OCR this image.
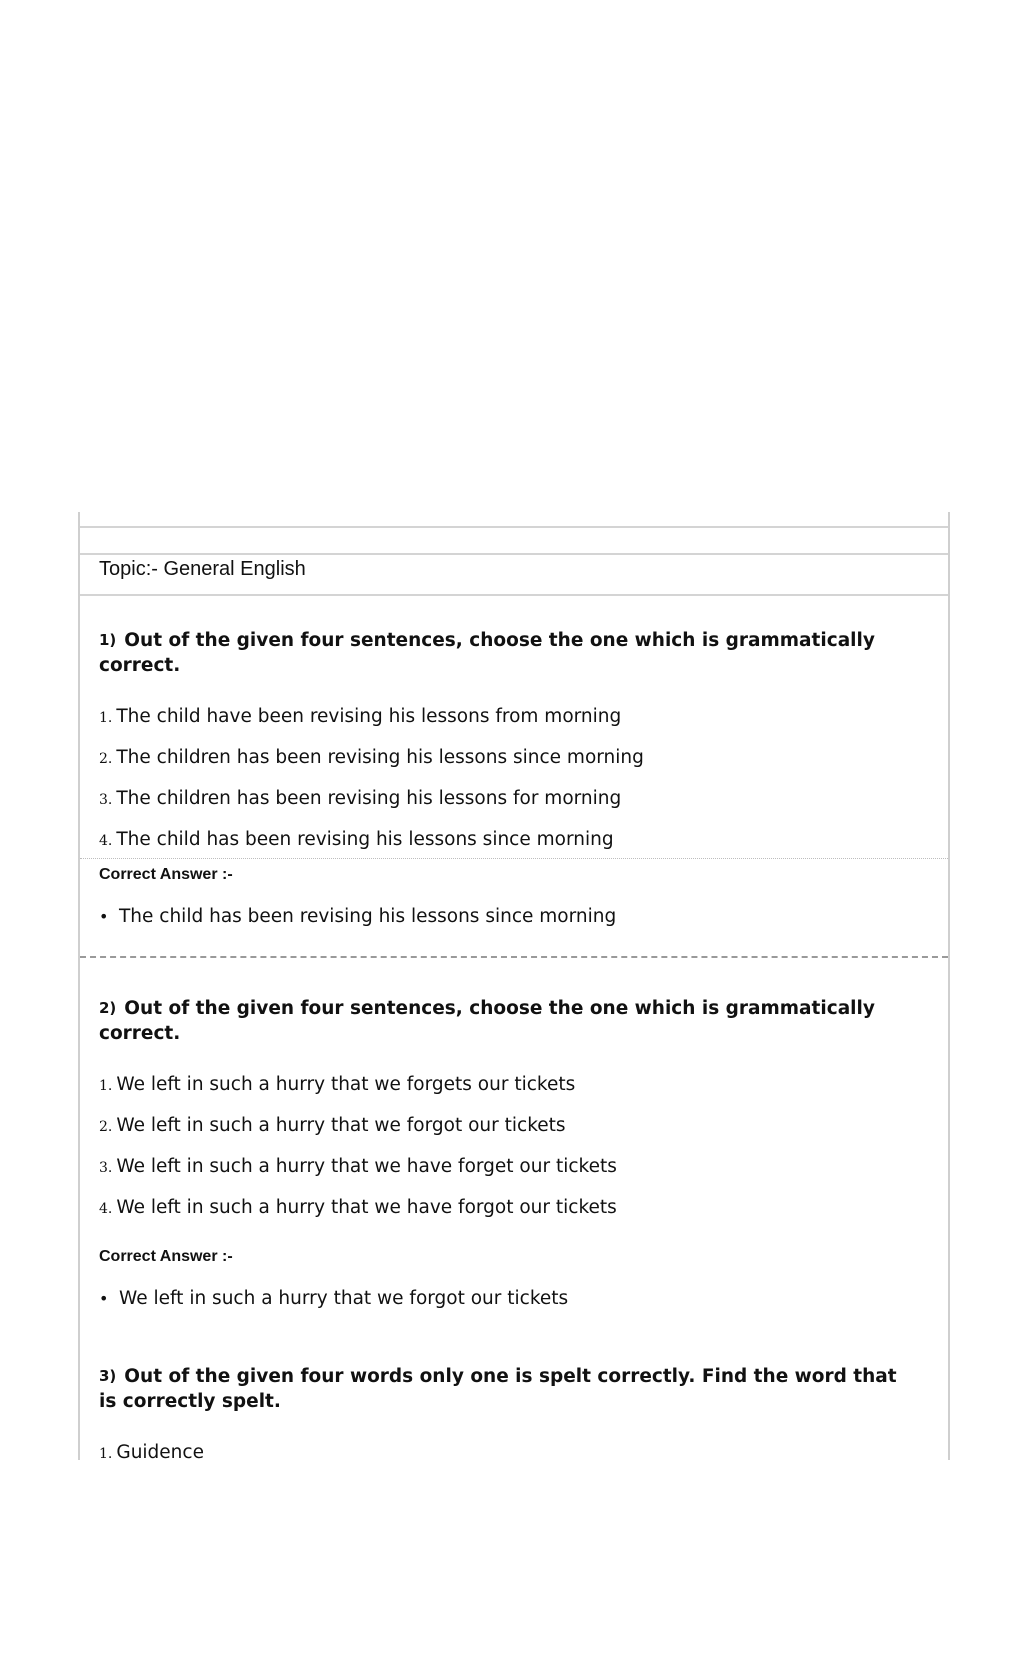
Topic:- General English

$^{1)}$ Out of the given four sentences, choose the one which is grammatically correct.

1. The child have been revising his lessons from morning
2. The children has been revising his lessons since morning
3. The children has been revising his lessons for morning
4. The child has been revising his lessons since morning
Correct Answer :-
• The child has been revising his lessons since morning

$^{2)}$ Out of the given four sentences, choose the one which is grammatically correct.

1. We left in such a hurry that we forgets our tickets
2. We left in such a hurry that we forgot our tickets
3. We left in such a hurry that we have forget our tickets
4. We left in such a hurry that we have forgot our tickets
Correct Answer :-
• We left in such a hurry that we forgot our tickets

$^{3)}$ Out of the given four words only one is spelt correctly. Find the word that is correctly spelt.

1. Guidence
